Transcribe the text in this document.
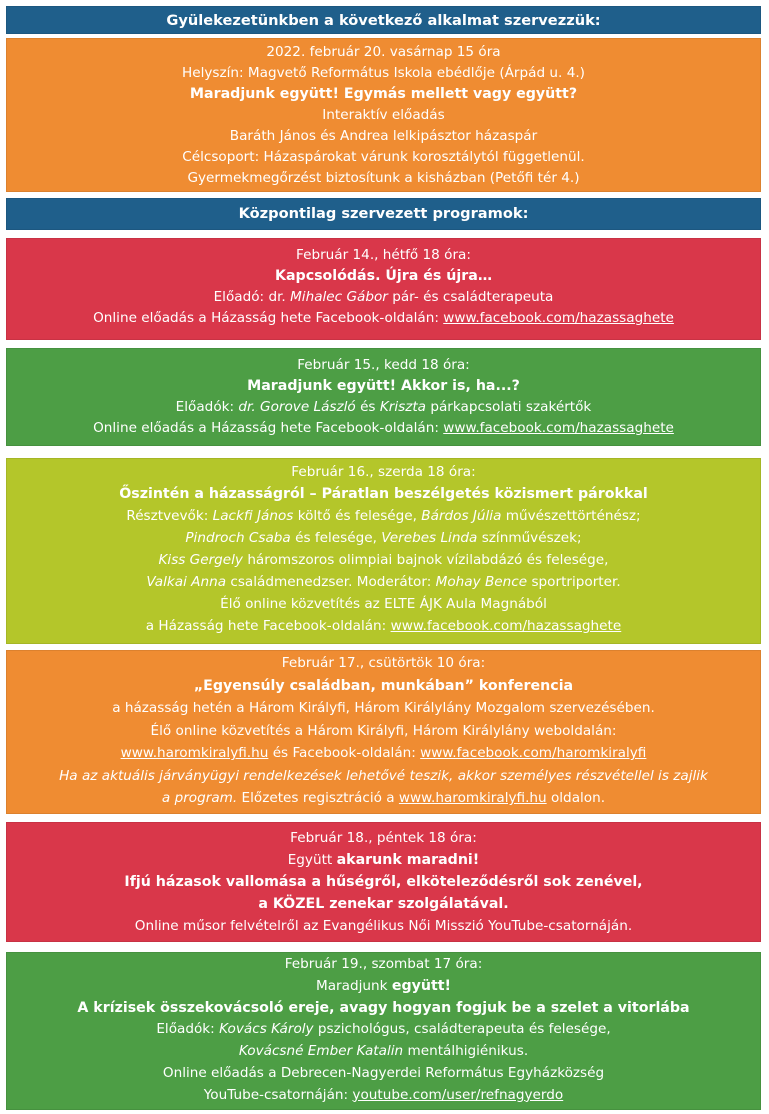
Gyülekezetünkben a következő alkalmat szervezzük:
2022. február 20. vasárnap 15 óra
Helyszín: Magvető Református Iskola ebédlője (Árpád u. 4.)
Maradjunk együtt! Egymás mellett vagy együtt?
Interaktív előadás
Baráth János és Andrea lelkipásztor házaspár
Célcsoport: Házaspárokat várunk korosztálytól függetlenül.
Gyermekmegőrzést biztosítunk a kisházban (Petőfi tér 4.)
Központilag szervezett programok:
Február 14., hétfő 18 óra:
Kapcsolódás. Újra és újra…
Előadó: dr. Mihalec Gábor pár- és családterapeuta
Online előadás a Házasság hete Facebook-oldalán: www.facebook.com/hazassaghete
Február 15., kedd 18 óra:
Maradjunk együtt! Akkor is, ha...?
Előadók: dr. Gorove László és Kriszta párkapcsolati szakértők
Online előadás a Házasság hete Facebook-oldalán: www.facebook.com/hazassaghete
Február 16., szerda 18 óra:
Őszintén a házasságról – Páratlan beszélgetés közismert párokkal
Résztvevők: Lackfi János költő és felesége, Bárdos Júlia művészettörténész;
Pindroch Csaba és felesége, Verebes Linda színművészek;
Kiss Gergely háromszoros olimpiai bajnok vízilabdázó és felesége,
Valkai Anna családmenedzser. Moderátor: Mohay Bence sportriporter.
Élő online közvetítés az ELTE ÁJK Aula Magnából
a Házasság hete Facebook-oldalán: www.facebook.com/hazassaghete
Február 17., csütörtök 10 óra:
„Egyensúly családban, munkában” konferencia
a házasság hetén a Három Királyfi, Három Királylány Mozgalom szervezésében.
Élő online közvetítés a Három Királyfi, Három Királylány weboldalán:
www.haromkiralyfi.hu és Facebook-oldalán: www.facebook.com/haromkiralyfi
Ha az aktuális járványügyi rendelkezések lehetővé teszik, akkor személyes részvétellel is zajlik
a program. Előzetes regisztráció a www.haromkiralyfi.hu oldalon.
Február 18., péntek 18 óra:
Együtt akarunk maradni!
Ifjú házasok vallomása a hűségről, elköteleződésről sok zenével,
a KÖZEL zenekar szolgálatával.
Online műsor felvételről az Evangélikus Női Misszió YouTube-csatornáján.
Február 19., szombat 17 óra:
Maradjunk együtt!
A krízisek összekovácsoló ereje, avagy hogyan fogjuk be a szelet a vitorlába
Előadók: Kovács Károly pszichológus, családterapeuta és felesége,
Kovácsné Ember Katalin mentálhigiénikus.
Online előadás a Debrecen-Nagyerdei Református Egyházközség
YouTube-csatornáján: youtube.com/user/refnagyerdo
